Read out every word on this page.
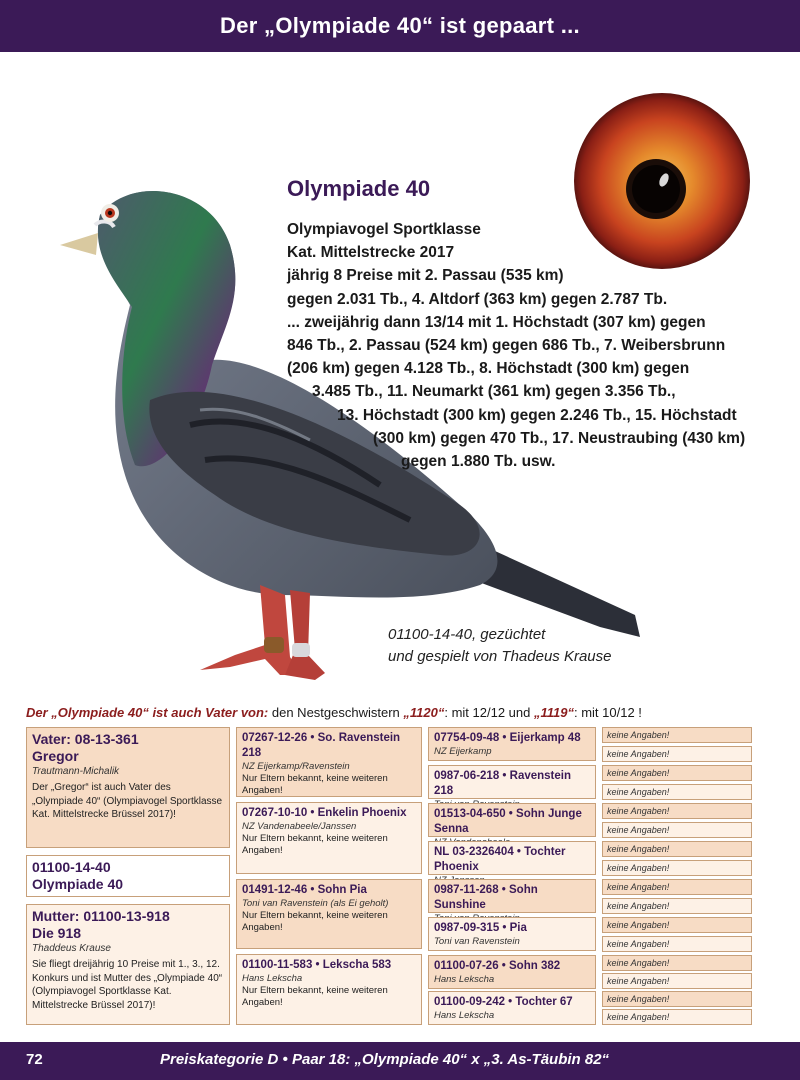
Der „Olympiade 40“ ist gepaart ...
Olympiade 40
Olympiavogel Sportklasse
Kat. Mittelstrecke 2017
jährig 8 Preise mit 2. Passau (535 km)
gegen 2.031 Tb., 4. Altdorf (363 km) gegen 2.787 Tb.
... zweijährig dann 13/14 mit 1. Höchstadt (307 km) gegen
846 Tb., 2. Passau (524 km) gegen 686 Tb., 7. Weibersbrunn
(206 km) gegen 4.128 Tb., 8. Höchstadt (300 km) gegen
3.485 Tb., 11. Neumarkt (361 km) gegen 3.356 Tb.,
13. Höchstadt (300 km) gegen 2.246 Tb., 15. Höchstadt
(300 km) gegen 470 Tb., 17. Neustraubing (430 km)
gegen 1.880 Tb. usw.
01100-14-40, gezüchtet
und gespielt von Thadeus Krause
Der „Olympiade 40“ ist auch Vater von: den Nestgeschwistern „1120“: mit 12/12 und „1119“: mit 10/12 !
Vater: 08-13-361
Gregor
Trautmann-Michalik
Der „Gregor“ ist auch Vater des „Olympiade 40“ (Olympiavogel Sportklasse Kat. Mittelstrecke Brüssel 2017)!
01100-14-40
Olympiade 40
Mutter: 01100-13-918
Die 918
Thaddeus Krause
Sie fliegt dreijährig 10 Preise mit 1., 3., 12. Konkurs und ist Mutter des „Olympiade 40“ (Olympiavogel Sportklasse Kat. Mittelstrecke Brüssel 2017)!
07267-12-26 • So. Ravenstein 218
NZ Eijerkamp/Ravenstein
Nur Eltern bekannt, keine weiteren Angaben!
07267-10-10 • Enkelin Phoenix
NZ Vandenabeele/Janssen
Nur Eltern bekannt, keine weiteren Angaben!
01491-12-46 • Sohn Pia
Toni van Ravenstein (als Ei geholt)
Nur Eltern bekannt, keine weiteren Angaben!
01100-11-583 • Lekscha 583
Hans Lekscha
Nur Eltern bekannt, keine weiteren Angaben!
07754-09-48 • Eijerkamp 48
NZ Eijerkamp
0987-06-218 • Ravenstein 218
01513-04-650 • Sohn Junge Senna
NL 03-2326404 • Tochter Phoenix
0987-11-268 • Sohn Sunshine
0987-09-315 • Pia
Toni van Ravenstein
01100-07-26 • Sohn 382
Hans Lekscha
01100-09-242 • Tochter 67
Hans Lekscha
keine Angaben!
keine Angaben!
keine Angaben!
keine Angaben!
keine Angaben!
keine Angaben!
keine Angaben!
keine Angaben!
keine Angaben!
keine Angaben!
keine Angaben!
keine Angaben!
keine Angaben!
keine Angaben!
keine Angaben!
keine Angaben!
72	Preiskategorie D • Paar 18: „Olympiade 40“ x „3. As-Täubin 82“
